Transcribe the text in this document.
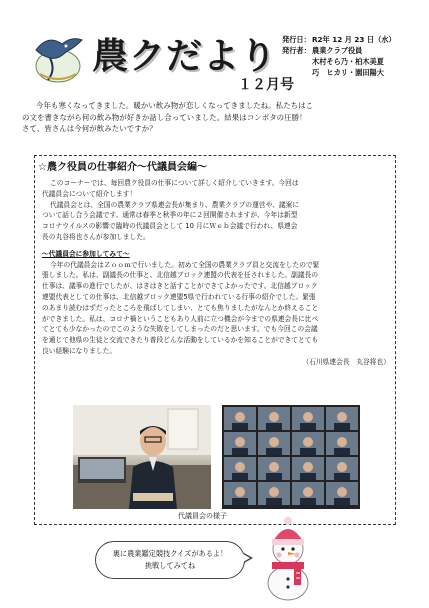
農クだより
１２月号
発行日： R2年 12 月 23 日（水）
発行者： 農業クラブ役員
木村そら乃・柏木美夏
巧　ヒカリ・園田陽大

今年も寒くなってきました。暖かい飲み物が恋しくなってきましたね。私たちはこ

の文を書きながら何の飲み物が好きか話し合っていました。結果はコンポタの圧勝！

さて、皆さんは今何が飲みたいですか？

☆農ク役員の仕事紹介～代議員会編～

このコーナーでは、毎回農ク役員の仕事について詳しく紹介していきます。今回は

代議員会について紹介します！

代議員会とは、全国の農業クラブ県連会長が集まり、農業クラブの運営や、議案に

ついて話し合う会議です。通常は春季と秋季の年に２回開催されますが、今年は新型

コロナウイルスの影響で臨時の代議員会として 10 月にＷｅｂ会議で行われ、県連会

長の丸谷将也さんが参加しました。

～代議員会に参加してみて～

今年の代議員会はＺｏｏｍで行いました。初めて全国の農業クラブ員と交流をしたので緊

張しました。私は、副議長の仕事と、北信越ブロック連盟の代表を任されました。副議長の

仕事は、議事の進行でしたが、はきはきと話すことができてよかったです。北信越ブロック

連盟代表としての仕事は、北信越ブロック連盟5県で行われている行事の紹介でした。緊張

のあまり読むはずだったところを飛ばしてしまい、とても焦りましたがなんとか終えること

ができました。私は、コロナ禍ということもあり人前に立つ機会が今までの県連会長に比べ

てとても少なかったのでこのような失敗をしてしまったのだと思います。でも今回この会議

を通じて他県の生徒と交流できたり普段どんな活動をしているかを知ることができてとても

良い経験になりました。

（石川県連会長　丸谷将也）

代議員会の様子
裏に農業鑑定競技クイズがあるよ！
挑戦してみてね
